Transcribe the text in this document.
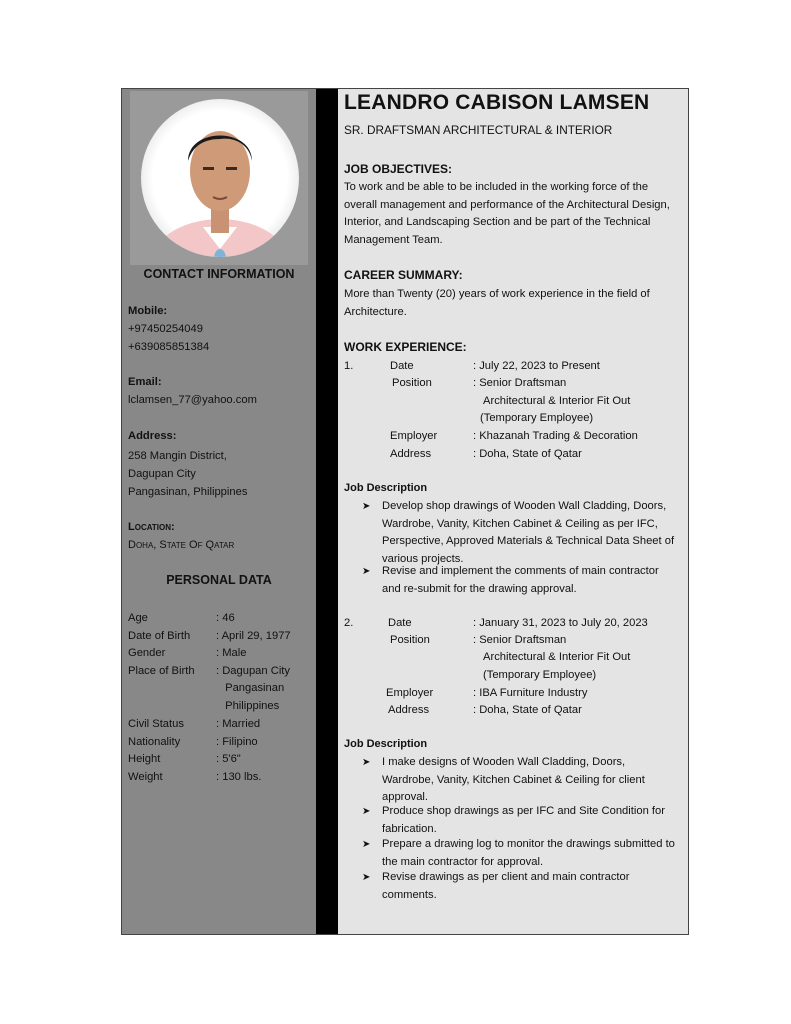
CONTACT INFORMATION
Mobile:
+97450254049
+639085851384
Email:
lclamsen_77@yahoo.com
Address:
258 Mangin District,
Dagupan City
Pangasinan, Philippines
Location:
Doha, State Of Qatar
PERSONAL DATA
Age	: 46
Date of Birth : April 29, 1977
Gender	: Male
Place of Birth : Dagupan City
Pangasinan
Philippines
Civil Status	: Married
Nationality	: Filipino
Height	: 5'6"
Weight	: 130 lbs.
LEANDRO CABISON LAMSEN
SR. DRAFTSMAN ARCHITECTURAL & INTERIOR
JOB OBJECTIVES:
To work and be able to be included in the working force of the overall management and performance of the Architectural Design, Interior, and Landscaping Section and be part of the Technical Management Team.
CAREER SUMMARY:
More than Twenty (20) years of work experience in the field of Architecture.
WORK EXPERIENCE:
1.	Date	: July 22, 2023 to Present
Position	: Senior Draftsman
Architectural & Interior Fit Out
(Temporary Employee)
Employer	: Khazanah Trading & Decoration
Address	: Doha, State of Qatar
Job Description
➤	Develop shop drawings of Wooden Wall Cladding, Doors, Wardrobe, Vanity, Kitchen Cabinet & Ceiling as per IFC, Perspective, Approved Materials & Technical Data Sheet of various projects.
➤	Revise and implement the comments of main contractor and re-submit for the drawing approval.
2.	Date	: January 31, 2023 to July 20, 2023
Position	: Senior Draftsman
Architectural & Interior Fit Out
(Temporary Employee)
Employer	: IBA Furniture Industry
Address	: Doha, State of Qatar
Job Description
➤	I make designs of Wooden Wall Cladding, Doors, Wardrobe, Vanity, Kitchen Cabinet & Ceiling for client approval.
➤	Produce shop drawings as per IFC and Site Condition for fabrication.
➤	Prepare a drawing log to monitor the drawings submitted to the main contractor for approval.
➤	Revise drawings as per client and main contractor comments.
